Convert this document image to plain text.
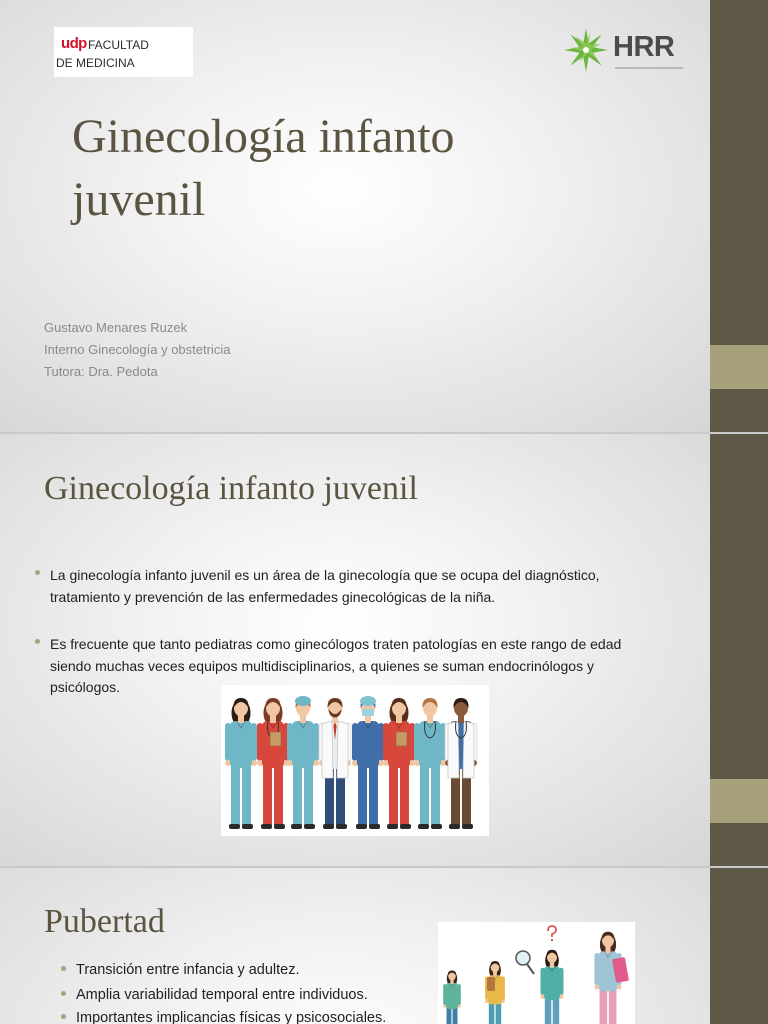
udp FACULTAD
DE MEDICINA	HRR
Ginecología infanto
juvenil
Gustavo Menares Ruzek
Interno Ginecología y obstetricia
Tutora: Dra. Pedota
Ginecología infanto juvenil
La ginecología infanto juvenil es un área de la ginecología que se ocupa del diagnóstico,
tratamiento y prevención de las enfermedades ginecológicas de la niña.
Es frecuente que tanto pediatras como ginecólogos traten patologías en este rango de edad
siendo muchas veces equipos multidisciplinarios, a quienes se suman endocrinólogos y
psicólogos.
Pubertad
Transición entre infancia y adultez.
Amplia variabilidad temporal entre individuos.
Importantes implicancias físicas y psicosociales.
